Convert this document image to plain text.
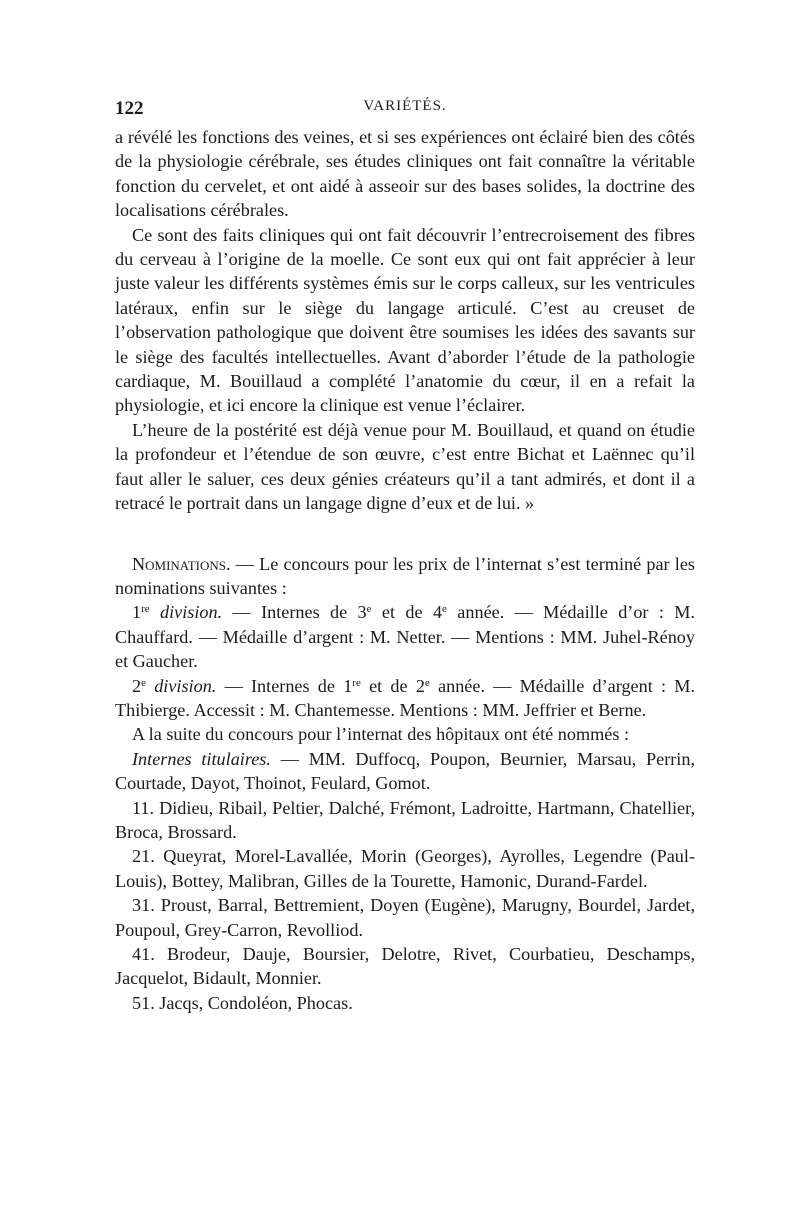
122	VARIÉTÉS.

a révélé les fonctions des veines, et si ses expériences ont éclairé bien des côtés de la physiologie cérébrale, ses études cliniques ont fait connaître la véritable fonction du cervelet, et ont aidé à asseoir sur des bases solides, la doctrine des localisations cérébrales.

Ce sont des faits cliniques qui ont fait découvrir l’entrecroisement des fibres du cerveau à l’origine de la moelle. Ce sont eux qui ont fait apprécier à leur juste valeur les différents systèmes émis sur le corps calleux, sur les ventricules latéraux, enfin sur le siège du langage articulé. C’est au creuset de l’observation pathologique que doivent être soumises les idées des savants sur le siège des facultés intellectuelles. Avant d’aborder l’étude de la pathologie cardiaque, M. Bouillaud a complété l’anatomie du cœur, il en a refait la physiologie, et ici encore la clinique est venue l’éclairer.

L’heure de la postérité est déjà venue pour M. Bouillaud, et quand on étudie la profondeur et l’étendue de son œuvre, c’est entre Bichat et Laënnec qu’il faut aller le saluer, ces deux génies créateurs qu’il a tant admirés, et dont il a retracé le portrait dans un langage digne d’eux et de lui. »

Nominations. — Le concours pour les prix de l’internat s’est terminé par les nominations suivantes :

1re division. — Internes de 3e et de 4e année. — Médaille d’or : M. Chauffard. — Médaille d’argent : M. Netter. — Mentions : MM. Juhel-Rénoy et Gaucher.

2e division. — Internes de 1re et de 2e année. — Médaille d’argent : M. Thibierge. Accessit : M. Chantemesse. Mentions : MM. Jeffrier et Berne.

A la suite du concours pour l’internat des hôpitaux ont été nommés :

Internes titulaires. — MM. Duffocq, Poupon, Beurnier, Marsau, Perrin, Courtade, Dayot, Thoinot, Feulard, Gomot.

11. Didieu, Ribail, Peltier, Dalché, Frémont, Ladroitte, Hartmann, Chatellier, Broca, Brossard.

21. Queyrat, Morel-Lavallée, Morin (Georges), Ayrolles, Legendre (Paul-Louis), Bottey, Malibran, Gilles de la Tourette, Hamonic, Durand-Fardel.

31. Proust, Barral, Bettremient, Doyen (Eugène), Marugny, Bourdel, Jardet, Poupoul, Grey-Carron, Revolliod.

41. Brodeur, Dauje, Boursier, Delotre, Rivet, Courbatieu, Deschamps, Jacquelot, Bidault, Monnier.

51. Jacqs, Condoléon, Phocas.
